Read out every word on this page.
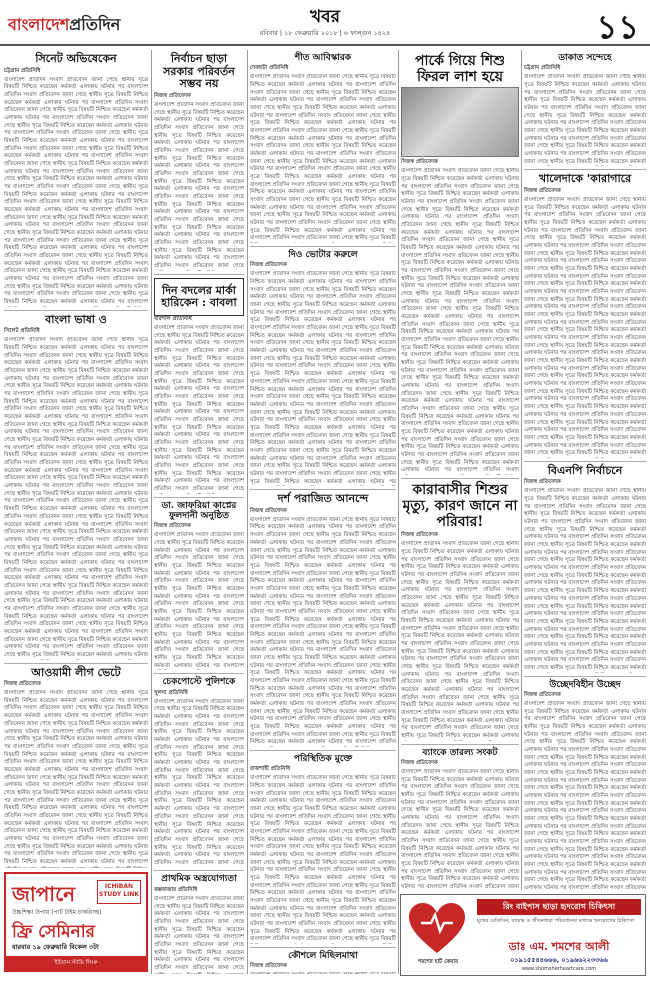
বাংলাদেশপ্রতিদিন	খবর
রবিবার | ১৮ ফেব্রুয়ারি ২০১৮ | ৬ ফাল্গুন ১৪২৪	১১
সিনেট অভিষেকেন
চট্টগ্রাম প্রতিনিধি
বাংলাদেশ প্রতিদিন সংবাদ প্রতিবেদন জানা গেছে স্থানীয় সূত্রে বিষয়টি নিশ্চিত করেছেন কর্মকর্তা এলাকায় ঘটনার পর বাংলাদেশ প্রতিদিন সংবাদ প্রতিবেদন জানা গেছে স্থানীয় সূত্রে বিষয়টি নিশ্চিত করেছেন কর্মকর্তা এলাকায় ঘটনার পর বাংলাদেশ প্রতিদিন সংবাদ প্রতিবেদন জানা গেছে স্থানীয় সূত্রে বিষয়টি নিশ্চিত করেছেন কর্মকর্তা এলাকায় ঘটনার পর বাংলাদেশ প্রতিদিন সংবাদ প্রতিবেদন জানা গেছে স্থানীয় সূত্রে বিষয়টি নিশ্চিত করেছেন কর্মকর্তা এলাকায় ঘটনার পর বাংলাদেশ প্রতিদিন সংবাদ প্রতিবেদন জানা গেছে স্থানীয় সূত্রে বিষয়টি নিশ্চিত করেছেন কর্মকর্তা এলাকায় ঘটনার পর বাংলাদেশ প্রতিদিন সংবাদ প্রতিবেদন জানা গেছে স্থানীয় সূত্রে বিষয়টি নিশ্চিত করেছেন কর্মকর্তা এলাকায় ঘটনার পর বাংলাদেশ প্রতিদিন সংবাদ প্রতিবেদন জানা গেছে স্থানীয় সূত্রে বিষয়টি নিশ্চিত করেছেন কর্মকর্তা এলাকায় ঘটনার পর বাংলাদেশ প্রতিদিন সংবাদ প্রতিবেদন জানা গেছে স্থানীয় সূত্রে বিষয়টি নিশ্চিত করেছেন কর্মকর্তা এলাকায় ঘটনার পর বাংলাদেশ প্রতিদিন সংবাদ প্রতিবেদন জানা গেছে স্থানীয় সূত্রে বিষয়টি নিশ্চিত করেছেন কর্মকর্তা এলাকায় ঘটনার পর বাংলাদেশ প্রতিদিন সংবাদ প্রতিবেদন জানা গেছে স্থানীয় সূত্রে বিষয়টি নিশ্চিত করেছেন কর্মকর্তা এলাকায় ঘটনার পর বাংলাদেশ প্রতিদিন সংবাদ প্রতিবেদন জানা গেছে স্থানীয় সূত্রে বিষয়টি নিশ্চিত করেছেন কর্মকর্তা এলাকায় ঘটনার পর বাংলাদেশ প্রতিদিন সংবাদ প্রতিবেদন জানা গেছে স্থানীয় সূত্রে বিষয়টি নিশ্চিত করেছেন কর্মকর্তা এলাকায় ঘটনার পর বাংলাদেশ প্রতিদিন সংবাদ প্রতিবেদন জানা গেছে স্থানীয় সূত্রে বিষয়টি নিশ্চিত করেছেন কর্মকর্তা এলাকায় ঘটনার পর বাংলাদেশ প্রতিদিন সংবাদ প্রতিবেদন জানা গেছে স্থানীয় সূত্রে বিষয়টি নিশ্চিত করেছেন কর্মকর্তা এলাকায় ঘটনার পর বাংলাদেশ প্রতিদিন সংবাদ প্রতিবেদন জানা গেছে স্থানীয় সূত্রে বিষয়টি নিশ্চিত করেছেন কর্মকর্তা এলাকায় ঘটনার পর বাংলাদেশ প্রতিদিন সংবাদ প্রতিবেদন জানা গেছে স্থানীয় সূত্রে বিষয়টি নিশ্চিত করেছেন কর্মকর্তা এলাকায় ঘটনার পর বাংলাদেশ প্রতিদিন সংবাদ প্রতিবেদন জানা গেছে স্থানীয় সূত্রে বিষয়টি নিশ্চিত করেছেন কর্মকর্তা এলাকায় ঘটনার পর বাংলাদেশ
বাংলা ভাষা ও
সিলেট প্রতিনিধি
বাংলাদেশ প্রতিদিন সংবাদ প্রতিবেদন জানা গেছে স্থানীয় সূত্রে বিষয়টি নিশ্চিত করেছেন কর্মকর্তা এলাকায় ঘটনার পর বাংলাদেশ প্রতিদিন সংবাদ প্রতিবেদন জানা গেছে স্থানীয় সূত্রে বিষয়টি নিশ্চিত করেছেন কর্মকর্তা এলাকায় ঘটনার পর বাংলাদেশ প্রতিদিন সংবাদ প্রতিবেদন জানা গেছে স্থানীয় সূত্রে বিষয়টি নিশ্চিত করেছেন কর্মকর্তা এলাকায় ঘটনার পর বাংলাদেশ প্রতিদিন সংবাদ প্রতিবেদন জানা গেছে স্থানীয় সূত্রে বিষয়টি নিশ্চিত করেছেন কর্মকর্তা এলাকায় ঘটনার পর বাংলাদেশ প্রতিদিন সংবাদ প্রতিবেদন জানা গেছে স্থানীয় সূত্রে বিষয়টি নিশ্চিত করেছেন কর্মকর্তা এলাকায় ঘটনার পর বাংলাদেশ প্রতিদিন সংবাদ প্রতিবেদন জানা গেছে স্থানীয় সূত্রে বিষয়টি নিশ্চিত করেছেন কর্মকর্তা এলাকায় ঘটনার পর বাংলাদেশ প্রতিদিন সংবাদ প্রতিবেদন জানা গেছে স্থানীয় সূত্রে বিষয়টি নিশ্চিত করেছেন কর্মকর্তা এলাকায় ঘটনার পর বাংলাদেশ প্রতিদিন সংবাদ প্রতিবেদন জানা গেছে স্থানীয় সূত্রে বিষয়টি নিশ্চিত করেছেন কর্মকর্তা এলাকায় ঘটনার পর বাংলাদেশ প্রতিদিন সংবাদ প্রতিবেদন জানা গেছে স্থানীয় সূত্রে বিষয়টি নিশ্চিত করেছেন কর্মকর্তা এলাকায় ঘটনার পর বাংলাদেশ প্রতিদিন সংবাদ প্রতিবেদন জানা গেছে স্থানীয় সূত্রে বিষয়টি নিশ্চিত করেছেন কর্মকর্তা এলাকায় ঘটনার পর বাংলাদেশ প্রতিদিন সংবাদ প্রতিবেদন জানা গেছে স্থানীয় সূত্রে বিষয়টি নিশ্চিত করেছেন কর্মকর্তা এলাকায় ঘটনার পর বাংলাদেশ প্রতিদিন সংবাদ প্রতিবেদন জানা গেছে স্থানীয় সূত্রে বিষয়টি নিশ্চিত করেছেন কর্মকর্তা এলাকায় ঘটনার পর বাংলাদেশ প্রতিদিন সংবাদ প্রতিবেদন জানা গেছে স্থানীয় সূত্রে বিষয়টি নিশ্চিত করেছেন কর্মকর্তা এলাকায় ঘটনার পর বাংলাদেশ প্রতিদিন সংবাদ প্রতিবেদন জানা গেছে স্থানীয় সূত্রে বিষয়টি নিশ্চিত করেছেন কর্মকর্তা এলাকায় ঘটনার পর বাংলাদেশ প্রতিদিন সংবাদ প্রতিবেদন জানা গেছে স্থানীয় সূত্রে বিষয়টি নিশ্চিত করেছেন কর্মকর্তা এলাকায় ঘটনার পর বাংলাদেশ প্রতিদিন সংবাদ প্রতিবেদন জানা গেছে স্থানীয় সূত্রে বিষয়টি নিশ্চিত করেছেন কর্মকর্তা এলাকায় ঘটনার পর বাংলাদেশ প্রতিদিন সংবাদ প্রতিবেদন জানা গেছে স্থানীয় সূত্রে বিষয়টি নিশ্চিত করেছেন কর্মকর্তা এলাকায় ঘটনার পর বাংলাদেশ প্রতিদিন সংবাদ প্রতিবেদন জানা গেছে স্থানীয় সূত্রে বিষয়টি নিশ্চিত করেছেন কর্মকর্তা এলাকায় ঘটনার পর বাংলাদেশ প্রতিদিন সংবাদ প্রতিবেদন জানা গেছে স্থানীয় সূত্রে বিষয়টি নিশ্চিত করেছেন কর্মকর্তা এলাকায় ঘটনার পর বাংলাদেশ প্রতিদিন সংবাদ প্রতিবেদন জানা গেছে স্থানীয় সূত্রে বিষয়টি নিশ্চিত করেছেন কর্মকর্তা এলাকায় ঘটনার পর বাংলাদেশ প্রতিদিন সংবাদ প্রতিবেদন জানা গেছে স্থানীয় সূত্রে বিষয়টি নিশ্চিত করেছেন কর্মকর্তা এলাকায় ঘটনার পর বাংলাদেশ প্রতিদিন সংবাদ প্রতিবেদন জানা গেছে স্থানীয় সূত্রে বিষয়টি নিশ্চিত করেছেন কর্মকর্তা এলাকায় ঘটনার পর বাংলাদেশ প্রতিদিন সংবাদ প্রতিবেদন জানা গেছে স্থানীয় সূত্রে বিষয়টি নিশ্চিত করেছেন কর্মকর্তা এলাকায় ঘটনার পর বাংলাদেশ প্রতিদিন সংবাদ প্রতিবেদন জানা গেছে স্থানীয় সূত্রে বিষয়টি নিশ্চিত করেছেন কর্মকর্তা এলাকায় ঘটনার
আওয়ামী লীগ ভেটে
নিজস্ব প্রতিবেদক
বাংলাদেশ প্রতিদিন সংবাদ প্রতিবেদন জানা গেছে স্থানীয় সূত্রে বিষয়টি নিশ্চিত করেছেন কর্মকর্তা এলাকায় ঘটনার পর বাংলাদেশ প্রতিদিন সংবাদ প্রতিবেদন জানা গেছে স্থানীয় সূত্রে বিষয়টি নিশ্চিত করেছেন কর্মকর্তা এলাকায় ঘটনার পর বাংলাদেশ প্রতিদিন সংবাদ প্রতিবেদন জানা গেছে স্থানীয় সূত্রে বিষয়টি নিশ্চিত করেছেন কর্মকর্তা এলাকায় ঘটনার পর বাংলাদেশ প্রতিদিন সংবাদ প্রতিবেদন জানা গেছে স্থানীয় সূত্রে বিষয়টি নিশ্চিত করেছেন কর্মকর্তা এলাকায় ঘটনার পর বাংলাদেশ প্রতিদিন সংবাদ প্রতিবেদন জানা গেছে স্থানীয় সূত্রে বিষয়টি নিশ্চিত করেছেন কর্মকর্তা এলাকায় ঘটনার পর বাংলাদেশ প্রতিদিন সংবাদ প্রতিবেদন জানা গেছে স্থানীয় সূত্রে বিষয়টি নিশ্চিত করেছেন কর্মকর্তা এলাকায় ঘটনার পর বাংলাদেশ প্রতিদিন সংবাদ প্রতিবেদন জানা গেছে স্থানীয় সূত্রে বিষয়টি নিশ্চিত করেছেন কর্মকর্তা এলাকায় ঘটনার পর বাংলাদেশ প্রতিদিন সংবাদ প্রতিবেদন জানা গেছে স্থানীয় সূত্রে বিষয়টি নিশ্চিত করেছেন কর্মকর্তা এলাকায় ঘটনার পর বাংলাদেশ প্রতিদিন সংবাদ প্রতিবেদন জানা গেছে স্থানীয় সূত্রে বিষয়টি নিশ্চিত করেছেন কর্মকর্তা এলাকায় ঘটনার পর বাংলাদেশ প্রতিদিন সংবাদ প্রতিবেদন জানা গেছে স্থানীয় সূত্রে বিষয়টি নিশ্চিত করেছেন কর্মকর্তা এলাকায় ঘটনার পর বাংলাদেশ প্রতিদিন সংবাদ প্রতিবেদন জানা গেছে স্থানীয় সূত্রে বিষয়টি নিশ্চিত করেছেন কর্মকর্তা এলাকায় ঘটনার পর বাংলাদেশ প্রতিদিন সংবাদ প্রতিবেদন জানা গেছে স্থানীয় সূত্রে বিষয়টি নিশ্চিত করেছেন কর্মকর্তা এলাকায় ঘটনার পর বাংলাদেশ প্রতিদিন সংবাদ প্রতিবেদন জানা গেছে স্থানীয় সূত্রে বিষয়টি নিশ্চিত করেছেন কর্মকর্তা এলাকায় ঘটনার পর বাংলাদেশ
নির্বাচন ছাড়া সরকার পরিবর্তন সম্ভব নয়
নিজস্ব প্রতিবেদক
বাংলাদেশ প্রতিদিন সংবাদ প্রতিবেদন জানা গেছে স্থানীয় সূত্রে বিষয়টি নিশ্চিত করেছেন কর্মকর্তা এলাকায় ঘটনার পর বাংলাদেশ প্রতিদিন সংবাদ প্রতিবেদন জানা গেছে স্থানীয় সূত্রে বিষয়টি নিশ্চিত করেছেন কর্মকর্তা এলাকায় ঘটনার পর বাংলাদেশ প্রতিদিন সংবাদ প্রতিবেদন জানা গেছে স্থানীয় সূত্রে বিষয়টি নিশ্চিত করেছেন কর্মকর্তা এলাকায় ঘটনার পর বাংলাদেশ প্রতিদিন সংবাদ প্রতিবেদন জানা গেছে স্থানীয় সূত্রে বিষয়টি নিশ্চিত করেছেন কর্মকর্তা এলাকায় ঘটনার পর বাংলাদেশ প্রতিদিন সংবাদ প্রতিবেদন জানা গেছে স্থানীয় সূত্রে বিষয়টি নিশ্চিত করেছেন কর্মকর্তা এলাকায় ঘটনার পর বাংলাদেশ প্রতিদিন সংবাদ প্রতিবেদন জানা গেছে স্থানীয় সূত্রে বিষয়টি নিশ্চিত করেছেন কর্মকর্তা এলাকায় ঘটনার পর বাংলাদেশ প্রতিদিন সংবাদ প্রতিবেদন জানা গেছে স্থানীয় সূত্রে বিষয়টি নিশ্চিত করেছেন কর্মকর্তা এলাকায় ঘটনার পর বাংলাদেশ প্রতিদিন সংবাদ প্রতিবেদন জানা গেছে
দিন বদলের মার্কা হারিকেন : বাবলা
বরিশাল প্রতিনিধি
বাংলাদেশ প্রতিদিন সংবাদ প্রতিবেদন জানা গেছে স্থানীয় সূত্রে বিষয়টি নিশ্চিত করেছেন কর্মকর্তা এলাকায় ঘটনার পর বাংলাদেশ প্রতিদিন সংবাদ প্রতিবেদন জানা গেছে স্থানীয় সূত্রে বিষয়টি নিশ্চিত করেছেন কর্মকর্তা এলাকায় ঘটনার পর বাংলাদেশ প্রতিদিন সংবাদ প্রতিবেদন জানা গেছে স্থানীয় সূত্রে বিষয়টি নিশ্চিত করেছেন কর্মকর্তা এলাকায় ঘটনার পর বাংলাদেশ প্রতিদিন সংবাদ প্রতিবেদন জানা গেছে স্থানীয় সূত্রে বিষয়টি নিশ্চিত করেছেন কর্মকর্তা এলাকায় ঘটনার পর বাংলাদেশ প্রতিদিন সংবাদ প্রতিবেদন জানা গেছে স্থানীয় সূত্রে বিষয়টি নিশ্চিত করেছেন কর্মকর্তা এলাকায় ঘটনার পর বাংলাদেশ প্রতিদিন সংবাদ প্রতিবেদন জানা গেছে স্থানীয় সূত্রে বিষয়টি নিশ্চিত করেছেন কর্মকর্তা এলাকায় ঘটনার পর বাংলাদেশ প্রতিদিন সংবাদ প্রতিবেদন জানা গেছে স্থানীয় সূত্রে বিষয়টি নিশ্চিত করেছেন কর্মকর্তা এলাকায় ঘটনার পর বাংলাদেশ প্রতিদিন সংবাদ প্রতিবেদন জানা গেছে
ডা. জাফরিয়া কাপ্নের ফুলদানী অনুষ্ঠিত
নিজস্ব প্রতিবেদক
বাংলাদেশ প্রতিদিন সংবাদ প্রতিবেদন জানা গেছে স্থানীয় সূত্রে বিষয়টি নিশ্চিত করেছেন কর্মকর্তা এলাকায় ঘটনার পর বাংলাদেশ প্রতিদিন সংবাদ প্রতিবেদন জানা গেছে স্থানীয় সূত্রে বিষয়টি নিশ্চিত করেছেন কর্মকর্তা এলাকায় ঘটনার পর বাংলাদেশ প্রতিদিন সংবাদ প্রতিবেদন জানা গেছে স্থানীয় সূত্রে বিষয়টি নিশ্চিত করেছেন কর্মকর্তা এলাকায় ঘটনার পর বাংলাদেশ প্রতিদিন সংবাদ প্রতিবেদন জানা গেছে স্থানীয় সূত্রে বিষয়টি নিশ্চিত করেছেন কর্মকর্তা এলাকায় ঘটনার পর বাংলাদেশ প্রতিদিন সংবাদ প্রতিবেদন জানা গেছে স্থানীয় সূত্রে বিষয়টি নিশ্চিত করেছেন কর্মকর্তা এলাকায় ঘটনার পর বাংলাদেশ প্রতিদিন সংবাদ প্রতিবেদন জানা গেছে স্থানীয় সূত্রে বিষয়টি নিশ্চিত করেছেন কর্মকর্তা এলাকায় ঘটনার পর বাংলাদেশ
চেকপোস্টে পুলিশকে
খুলনা প্রতিনিধি
বাংলাদেশ প্রতিদিন সংবাদ প্রতিবেদন জানা গেছে স্থানীয় সূত্রে বিষয়টি নিশ্চিত করেছেন কর্মকর্তা এলাকায় ঘটনার পর বাংলাদেশ প্রতিদিন সংবাদ প্রতিবেদন জানা গেছে স্থানীয় সূত্রে বিষয়টি নিশ্চিত করেছেন কর্মকর্তা এলাকায় ঘটনার পর বাংলাদেশ প্রতিদিন সংবাদ প্রতিবেদন জানা গেছে স্থানীয় সূত্রে বিষয়টি নিশ্চিত করেছেন কর্মকর্তা এলাকায় ঘটনার পর বাংলাদেশ প্রতিদিন সংবাদ প্রতিবেদন জানা গেছে স্থানীয় সূত্রে বিষয়টি নিশ্চিত করেছেন কর্মকর্তা এলাকায় ঘটনার পর বাংলাদেশ প্রতিদিন সংবাদ প্রতিবেদন জানা গেছে স্থানীয় সূত্রে বিষয়টি নিশ্চিত করেছেন কর্মকর্তা এলাকায় ঘটনার পর বাংলাদেশ প্রতিদিন সংবাদ প্রতিবেদন জানা গেছে স্থানীয় সূত্রে বিষয়টি নিশ্চিত করেছেন কর্মকর্তা এলাকায় ঘটনার পর বাংলাদেশ প্রতিদিন সংবাদ প্রতিবেদন জানা গেছে স্থানীয় সূত্রে বিষয়টি নিশ্চিত করেছেন কর্মকর্তা এলাকায় ঘটনার পর বাংলাদেশ প্রতিদিন সংবাদ প্রতিবেদন জানা গেছে
প্রাথমিক অস্ত্রযোগ্যতা
কক্সবাজার প্রতিনিধি
বাংলাদেশ প্রতিদিন সংবাদ প্রতিবেদন জানা গেছে স্থানীয় সূত্রে বিষয়টি নিশ্চিত করেছেন কর্মকর্তা এলাকায় ঘটনার পর বাংলাদেশ প্রতিদিন সংবাদ প্রতিবেদন জানা গেছে স্থানীয় সূত্রে বিষয়টি নিশ্চিত করেছেন কর্মকর্তা এলাকায় ঘটনার পর বাংলাদেশ প্রতিদিন সংবাদ প্রতিবেদন জানা গেছে স্থানীয় সূত্রে বিষয়টি নিশ্চিত করেছেন কর্মকর্তা এলাকায় ঘটনার পর বাংলাদেশ প্রতিদিন সংবাদ প্রতিবেদন জানা গেছে
শীত আবিস্কারক
দেবহাটা প্রতিনিধি
বাংলাদেশ প্রতিদিন সংবাদ প্রতিবেদন জানা গেছে স্থানীয় সূত্রে বিষয়টি নিশ্চিত করেছেন কর্মকর্তা এলাকায় ঘটনার পর বাংলাদেশ প্রতিদিন সংবাদ প্রতিবেদন জানা গেছে স্থানীয় সূত্রে বিষয়টি নিশ্চিত করেছেন কর্মকর্তা এলাকায় ঘটনার পর বাংলাদেশ প্রতিদিন সংবাদ প্রতিবেদন জানা গেছে স্থানীয় সূত্রে বিষয়টি নিশ্চিত করেছেন কর্মকর্তা এলাকায় ঘটনার পর বাংলাদেশ প্রতিদিন সংবাদ প্রতিবেদন জানা গেছে স্থানীয় সূত্রে বিষয়টি নিশ্চিত করেছেন কর্মকর্তা এলাকায় ঘটনার পর বাংলাদেশ প্রতিদিন সংবাদ প্রতিবেদন জানা গেছে স্থানীয় সূত্রে বিষয়টি নিশ্চিত করেছেন কর্মকর্তা এলাকায় ঘটনার পর বাংলাদেশ প্রতিদিন সংবাদ প্রতিবেদন জানা গেছে স্থানীয় সূত্রে বিষয়টি নিশ্চিত করেছেন কর্মকর্তা এলাকায় ঘটনার পর বাংলাদেশ প্রতিদিন সংবাদ প্রতিবেদন জানা গেছে স্থানীয় সূত্রে বিষয়টি নিশ্চিত করেছেন কর্মকর্তা এলাকায় ঘটনার পর বাংলাদেশ প্রতিদিন সংবাদ প্রতিবেদন জানা গেছে স্থানীয় সূত্রে বিষয়টি নিশ্চিত করেছেন কর্মকর্তা এলাকায় ঘটনার পর বাংলাদেশ প্রতিদিন সংবাদ প্রতিবেদন জানা গেছে স্থানীয় সূত্রে বিষয়টি নিশ্চিত করেছেন কর্মকর্তা এলাকায় ঘটনার পর বাংলাদেশ প্রতিদিন সংবাদ প্রতিবেদন জানা গেছে স্থানীয় সূত্রে বিষয়টি নিশ্চিত করেছেন কর্মকর্তা এলাকায় ঘটনার পর বাংলাদেশ প্রতিদিন সংবাদ প্রতিবেদন জানা গেছে স্থানীয় সূত্রে বিষয়টি নিশ্চিত করেছেন কর্মকর্তা এলাকায় ঘটনার পর বাংলাদেশ প্রতিদিন সংবাদ প্রতিবেদন জানা গেছে স্থানীয় সূত্রে বিষয়টি নিশ্চিত করেছেন কর্মকর্তা এলাকায় ঘটনার পর বাংলাদেশ প্রতিদিন সংবাদ প্রতিবেদন জানা গেছে স্থানীয় সূত্রে বিষয়টি
দিও ভোটার করুলে
নিজস্ব প্রতিবেদক
বাংলাদেশ প্রতিদিন সংবাদ প্রতিবেদন জানা গেছে স্থানীয় সূত্রে বিষয়টি নিশ্চিত করেছেন কর্মকর্তা এলাকায় ঘটনার পর বাংলাদেশ প্রতিদিন সংবাদ প্রতিবেদন জানা গেছে স্থানীয় সূত্রে বিষয়টি নিশ্চিত করেছেন কর্মকর্তা এলাকায় ঘটনার পর বাংলাদেশ প্রতিদিন সংবাদ প্রতিবেদন জানা গেছে স্থানীয় সূত্রে বিষয়টি নিশ্চিত করেছেন কর্মকর্তা এলাকায় ঘটনার পর বাংলাদেশ প্রতিদিন সংবাদ প্রতিবেদন জানা গেছে স্থানীয় সূত্রে বিষয়টি নিশ্চিত করেছেন কর্মকর্তা এলাকায় ঘটনার পর বাংলাদেশ প্রতিদিন সংবাদ প্রতিবেদন জানা গেছে স্থানীয় সূত্রে বিষয়টি নিশ্চিত করেছেন কর্মকর্তা এলাকায় ঘটনার পর বাংলাদেশ প্রতিদিন সংবাদ প্রতিবেদন জানা গেছে স্থানীয় সূত্রে বিষয়টি নিশ্চিত করেছেন কর্মকর্তা এলাকায় ঘটনার পর বাংলাদেশ প্রতিদিন সংবাদ প্রতিবেদন জানা গেছে স্থানীয় সূত্রে বিষয়টি নিশ্চিত করেছেন কর্মকর্তা এলাকায় ঘটনার পর বাংলাদেশ প্রতিদিন সংবাদ প্রতিবেদন জানা গেছে স্থানীয় সূত্রে বিষয়টি নিশ্চিত করেছেন কর্মকর্তা এলাকায় ঘটনার পর বাংলাদেশ প্রতিদিন সংবাদ প্রতিবেদন জানা গেছে স্থানীয় সূত্রে বিষয়টি নিশ্চিত করেছেন কর্মকর্তা এলাকায় ঘটনার পর বাংলাদেশ প্রতিদিন সংবাদ প্রতিবেদন জানা গেছে স্থানীয় সূত্রে বিষয়টি নিশ্চিত করেছেন কর্মকর্তা এলাকায় ঘটনার পর বাংলাদেশ প্রতিদিন সংবাদ প্রতিবেদন জানা গেছে স্থানীয় সূত্রে বিষয়টি নিশ্চিত করেছেন কর্মকর্তা এলাকায় ঘটনার পর বাংলাদেশ প্রতিদিন সংবাদ প্রতিবেদন জানা গেছে স্থানীয় সূত্রে বিষয়টি নিশ্চিত করেছেন কর্মকর্তা এলাকায় ঘটনার পর বাংলাদেশ প্রতিদিন সংবাদ প্রতিবেদন জানা গেছে স্থানীয় সূত্রে বিষয়টি নিশ্চিত করেছেন কর্মকর্তা এলাকায় ঘটনার পর বাংলাদেশ প্রতিদিন সংবাদ প্রতিবেদন জানা গেছে স্থানীয় সূত্রে বিষয়টি নিশ্চিত করেছেন কর্মকর্তা এলাকায় ঘটনার পর বাংলাদেশ প্রতিদিন সংবাদ প্রতিবেদন জানা গেছে স্থানীয় সূত্রে বিষয়টি নিশ্চিত করেছেন কর্মকর্তা এলাকায় ঘটনার পর বাংলাদেশ প্রতিদিন সংবাদ প্রতিবেদন জানা গেছে স্থানীয় সূত্রে বিষয়টি নিশ্চিত করেছেন কর্মকর্তা এলাকায় ঘটনার পর
দর্শ পরাজিত আনন্দে
নিজস্ব প্রতিবেদক
বাংলাদেশ প্রতিদিন সংবাদ প্রতিবেদন জানা গেছে স্থানীয় সূত্রে বিষয়টি নিশ্চিত করেছেন কর্মকর্তা এলাকায় ঘটনার পর বাংলাদেশ প্রতিদিন সংবাদ প্রতিবেদন জানা গেছে স্থানীয় সূত্রে বিষয়টি নিশ্চিত করেছেন কর্মকর্তা এলাকায় ঘটনার পর বাংলাদেশ প্রতিদিন সংবাদ প্রতিবেদন জানা গেছে স্থানীয় সূত্রে বিষয়টি নিশ্চিত করেছেন কর্মকর্তা এলাকায় ঘটনার পর বাংলাদেশ প্রতিদিন সংবাদ প্রতিবেদন জানা গেছে স্থানীয় সূত্রে বিষয়টি নিশ্চিত করেছেন কর্মকর্তা এলাকায় ঘটনার পর বাংলাদেশ প্রতিদিন সংবাদ প্রতিবেদন জানা গেছে স্থানীয় সূত্রে বিষয়টি নিশ্চিত করেছেন কর্মকর্তা এলাকায় ঘটনার পর বাংলাদেশ প্রতিদিন সংবাদ প্রতিবেদন জানা গেছে স্থানীয় সূত্রে বিষয়টি নিশ্চিত করেছেন কর্মকর্তা এলাকায় ঘটনার পর বাংলাদেশ প্রতিদিন সংবাদ প্রতিবেদন জানা গেছে স্থানীয় সূত্রে বিষয়টি নিশ্চিত করেছেন কর্মকর্তা এলাকায় ঘটনার পর বাংলাদেশ প্রতিদিন সংবাদ প্রতিবেদন জানা গেছে স্থানীয় সূত্রে বিষয়টি নিশ্চিত করেছেন কর্মকর্তা এলাকায় ঘটনার পর বাংলাদেশ প্রতিদিন সংবাদ প্রতিবেদন জানা গেছে স্থানীয় সূত্রে বিষয়টি নিশ্চিত করেছেন কর্মকর্তা এলাকায় ঘটনার পর বাংলাদেশ প্রতিদিন সংবাদ প্রতিবেদন জানা গেছে স্থানীয় সূত্রে বিষয়টি নিশ্চিত করেছেন কর্মকর্তা এলাকায় ঘটনার পর বাংলাদেশ প্রতিদিন সংবাদ প্রতিবেদন জানা গেছে স্থানীয় সূত্রে বিষয়টি নিশ্চিত করেছেন কর্মকর্তা এলাকায় ঘটনার পর বাংলাদেশ প্রতিদিন সংবাদ প্রতিবেদন জানা গেছে স্থানীয় সূত্রে বিষয়টি নিশ্চিত করেছেন কর্মকর্তা এলাকায় ঘটনার পর বাংলাদেশ প্রতিদিন সংবাদ প্রতিবেদন জানা গেছে স্থানীয় সূত্রে বিষয়টি নিশ্চিত করেছেন কর্মকর্তা এলাকায় ঘটনার পর বাংলাদেশ প্রতিদিন সংবাদ প্রতিবেদন জানা গেছে স্থানীয় সূত্রে বিষয়টি নিশ্চিত করেছেন কর্মকর্তা এলাকায় ঘটনার পর বাংলাদেশ প্রতিদিন সংবাদ প্রতিবেদন জানা গেছে স্থানীয় সূত্রে বিষয়টি নিশ্চিত করেছেন কর্মকর্তা এলাকায় ঘটনার পর বাংলাদেশ প্রতিদিন সংবাদ প্রতিবেদন জানা গেছে স্থানীয় সূত্রে বিষয়টি নিশ্চিত করেছেন কর্মকর্তা এলাকায় ঘটনার পর বাংলাদেশ প্রতিদিন সংবাদ প্রতিবেদন জানা গেছে স্থানীয় সূত্রে বিষয়টি নিশ্চিত করেছেন কর্মকর্তা এলাকায় ঘটনার পর বাংলাদেশ প্রতিদিন
পরিস্থিতিক মুক্তে
রাজশাহী প্রতিনিধি
বাংলাদেশ প্রতিদিন সংবাদ প্রতিবেদন জানা গেছে স্থানীয় সূত্রে বিষয়টি নিশ্চিত করেছেন কর্মকর্তা এলাকায় ঘটনার পর বাংলাদেশ প্রতিদিন সংবাদ প্রতিবেদন জানা গেছে স্থানীয় সূত্রে বিষয়টি নিশ্চিত করেছেন কর্মকর্তা এলাকায় ঘটনার পর বাংলাদেশ প্রতিদিন সংবাদ প্রতিবেদন জানা গেছে স্থানীয় সূত্রে বিষয়টি নিশ্চিত করেছেন কর্মকর্তা এলাকায় ঘটনার পর বাংলাদেশ প্রতিদিন সংবাদ প্রতিবেদন জানা গেছে স্থানীয় সূত্রে বিষয়টি নিশ্চিত করেছেন কর্মকর্তা এলাকায় ঘটনার পর বাংলাদেশ প্রতিদিন সংবাদ প্রতিবেদন জানা গেছে স্থানীয় সূত্রে বিষয়টি নিশ্চিত করেছেন কর্মকর্তা এলাকায় ঘটনার পর বাংলাদেশ প্রতিদিন সংবাদ প্রতিবেদন জানা গেছে স্থানীয় সূত্রে বিষয়টি নিশ্চিত করেছেন কর্মকর্তা এলাকায় ঘটনার পর বাংলাদেশ প্রতিদিন সংবাদ প্রতিবেদন জানা গেছে স্থানীয় সূত্রে বিষয়টি নিশ্চিত করেছেন কর্মকর্তা এলাকায় ঘটনার পর বাংলাদেশ প্রতিদিন সংবাদ প্রতিবেদন জানা গেছে স্থানীয় সূত্রে বিষয়টি নিশ্চিত করেছেন কর্মকর্তা এলাকায় ঘটনার পর বাংলাদেশ প্রতিদিন সংবাদ প্রতিবেদন জানা গেছে স্থানীয় সূত্রে বিষয়টি নিশ্চিত করেছেন কর্মকর্তা এলাকায় ঘটনার পর বাংলাদেশ প্রতিদিন সংবাদ প্রতিবেদন জানা গেছে স্থানীয় সূত্রে বিষয়টি নিশ্চিত করেছেন কর্মকর্তা এলাকায় ঘটনার পর বাংলাদেশ প্রতিদিন সংবাদ প্রতিবেদন জানা গেছে স্থানীয় সূত্রে বিষয়টি নিশ্চিত করেছেন কর্মকর্তা এলাকায় ঘটনার পর বাংলাদেশ প্রতিদিন সংবাদ প্রতিবেদন জানা গেছে স্থানীয় সূত্রে বিষয়টি নিশ্চিত করেছেন কর্মকর্তা এলাকায় ঘটনার পর বাংলাদেশ প্রতিদিন সংবাদ প্রতিবেদন জানা গেছে স্থানীয় সূত্রে বিষয়টি
কৌশলে মিছিলমাথা
নিজস্ব প্রতিবেদক
পার্কে গিয়ে শিশু ফিরল লাশ হয়ে
নিজস্ব প্রতিবেদক
বাংলাদেশ প্রতিদিন সংবাদ প্রতিবেদন জানা গেছে স্থানীয় সূত্রে বিষয়টি নিশ্চিত করেছেন কর্মকর্তা এলাকায় ঘটনার পর বাংলাদেশ প্রতিদিন সংবাদ প্রতিবেদন জানা গেছে স্থানীয় সূত্রে বিষয়টি নিশ্চিত করেছেন কর্মকর্তা এলাকায় ঘটনার পর বাংলাদেশ প্রতিদিন সংবাদ প্রতিবেদন জানা গেছে স্থানীয় সূত্রে বিষয়টি নিশ্চিত করেছেন কর্মকর্তা এলাকায় ঘটনার পর বাংলাদেশ প্রতিদিন সংবাদ প্রতিবেদন জানা গেছে স্থানীয় সূত্রে বিষয়টি নিশ্চিত করেছেন কর্মকর্তা এলাকায় ঘটনার পর বাংলাদেশ প্রতিদিন সংবাদ প্রতিবেদন জানা গেছে স্থানীয় সূত্রে বিষয়টি নিশ্চিত করেছেন কর্মকর্তা এলাকায় ঘটনার পর বাংলাদেশ প্রতিদিন সংবাদ প্রতিবেদন জানা গেছে স্থানীয় সূত্রে বিষয়টি নিশ্চিত করেছেন কর্মকর্তা এলাকায় ঘটনার পর বাংলাদেশ প্রতিদিন সংবাদ প্রতিবেদন জানা গেছে স্থানীয় সূত্রে বিষয়টি নিশ্চিত করেছেন কর্মকর্তা এলাকায় ঘটনার পর বাংলাদেশ প্রতিদিন সংবাদ প্রতিবেদন জানা গেছে স্থানীয় সূত্রে বিষয়টি নিশ্চিত করেছেন কর্মকর্তা এলাকায় ঘটনার পর বাংলাদেশ প্রতিদিন সংবাদ প্রতিবেদন জানা গেছে স্থানীয় সূত্রে বিষয়টি নিশ্চিত করেছেন কর্মকর্তা এলাকায় ঘটনার পর বাংলাদেশ প্রতিদিন সংবাদ প্রতিবেদন জানা গেছে স্থানীয় সূত্রে বিষয়টি নিশ্চিত করেছেন কর্মকর্তা এলাকায় ঘটনার পর বাংলাদেশ প্রতিদিন সংবাদ প্রতিবেদন জানা গেছে স্থানীয় সূত্রে বিষয়টি নিশ্চিত করেছেন কর্মকর্তা এলাকায় ঘটনার পর বাংলাদেশ প্রতিদিন সংবাদ প্রতিবেদন জানা গেছে স্থানীয় সূত্রে বিষয়টি নিশ্চিত করেছেন কর্মকর্তা এলাকায় ঘটনার পর বাংলাদেশ প্রতিদিন সংবাদ প্রতিবেদন জানা গেছে স্থানীয় সূত্রে বিষয়টি নিশ্চিত করেছেন কর্মকর্তা এলাকায় ঘটনার পর বাংলাদেশ প্রতিদিন সংবাদ প্রতিবেদন জানা গেছে স্থানীয় সূত্রে বিষয়টি নিশ্চিত করেছেন কর্মকর্তা এলাকায় ঘটনার পর বাংলাদেশ প্রতিদিন সংবাদ প্রতিবেদন জানা গেছে স্থানীয় সূত্রে বিষয়টি নিশ্চিত করেছেন কর্মকর্তা এলাকায় ঘটনার পর বাংলাদেশ প্রতিদিন সংবাদ প্রতিবেদন জানা গেছে স্থানীয় সূত্রে বিষয়টি নিশ্চিত করেছেন কর্মকর্তা এলাকায় ঘটনার পর বাংলাদেশ প্রতিদিন সংবাদ প্রতিবেদন জানা গেছে স্থানীয় সূত্রে বিষয়টি নিশ্চিত করেছেন কর্মকর্তা এলাকায় ঘটনার পর বাংলাদেশ প্রতিদিন সংবাদ প্রতিবেদন জানা গেছে স্থানীয় সূত্রে বিষয়টি নিশ্চিত করেছেন কর্মকর্তা এলাকায় ঘটনার পর বাংলাদেশ প্রতিদিন সংবাদ
কারাবাসীর শিশুর মৃত্যু, কারণ জানে না পরিবার!
নিজস্ব প্রতিবেদক
বাংলাদেশ প্রতিদিন সংবাদ প্রতিবেদন জানা গেছে স্থানীয় সূত্রে বিষয়টি নিশ্চিত করেছেন কর্মকর্তা এলাকায় ঘটনার পর বাংলাদেশ প্রতিদিন সংবাদ প্রতিবেদন জানা গেছে স্থানীয় সূত্রে বিষয়টি নিশ্চিত করেছেন কর্মকর্তা এলাকায় ঘটনার পর বাংলাদেশ প্রতিদিন সংবাদ প্রতিবেদন জানা গেছে স্থানীয় সূত্রে বিষয়টি নিশ্চিত করেছেন কর্মকর্তা এলাকায় ঘটনার পর বাংলাদেশ প্রতিদিন সংবাদ প্রতিবেদন জানা গেছে স্থানীয় সূত্রে বিষয়টি নিশ্চিত করেছেন কর্মকর্তা এলাকায় ঘটনার পর বাংলাদেশ প্রতিদিন সংবাদ প্রতিবেদন জানা গেছে স্থানীয় সূত্রে বিষয়টি নিশ্চিত করেছেন কর্মকর্তা এলাকায় ঘটনার পর বাংলাদেশ প্রতিদিন সংবাদ প্রতিবেদন জানা গেছে স্থানীয় সূত্রে বিষয়টি নিশ্চিত করেছেন কর্মকর্তা এলাকায় ঘটনার পর বাংলাদেশ প্রতিদিন সংবাদ প্রতিবেদন জানা গেছে স্থানীয় সূত্রে বিষয়টি নিশ্চিত করেছেন কর্মকর্তা এলাকায় ঘটনার পর বাংলাদেশ প্রতিদিন সংবাদ প্রতিবেদন জানা গেছে স্থানীয় সূত্রে বিষয়টি নিশ্চিত করেছেন কর্মকর্তা এলাকায় ঘটনার পর বাংলাদেশ প্রতিদিন সংবাদ প্রতিবেদন জানা গেছে স্থানীয় সূত্রে বিষয়টি নিশ্চিত করেছেন কর্মকর্তা এলাকায় ঘটনার পর বাংলাদেশ প্রতিদিন সংবাদ প্রতিবেদন জানা গেছে স্থানীয় সূত্রে বিষয়টি নিশ্চিত করেছেন কর্মকর্তা এলাকায় ঘটনার পর বাংলাদেশ প্রতিদিন সংবাদ প্রতিবেদন জানা গেছে স্থানীয় সূত্রে বিষয়টি নিশ্চিত করেছেন কর্মকর্তা এলাকায় ঘটনার পর বাংলাদেশ প্রতিদিন সংবাদ প্রতিবেদন জানা গেছে স্থানীয় সূত্রে বিষয়টি নিশ্চিত করেছেন কর্মকর্তা এলাকায়
ব্যাংকে তারল্য সংকট
নিজস্ব প্রতিবেদক
বাংলাদেশ প্রতিদিন সংবাদ প্রতিবেদন জানা গেছে স্থানীয় সূত্রে বিষয়টি নিশ্চিত করেছেন কর্মকর্তা এলাকায় ঘটনার পর বাংলাদেশ প্রতিদিন সংবাদ প্রতিবেদন জানা গেছে স্থানীয় সূত্রে বিষয়টি নিশ্চিত করেছেন কর্মকর্তা এলাকায় ঘটনার পর বাংলাদেশ প্রতিদিন সংবাদ প্রতিবেদন জানা গেছে স্থানীয় সূত্রে বিষয়টি নিশ্চিত করেছেন কর্মকর্তা এলাকায় ঘটনার পর বাংলাদেশ প্রতিদিন সংবাদ প্রতিবেদন জানা গেছে স্থানীয় সূত্রে বিষয়টি নিশ্চিত করেছেন কর্মকর্তা এলাকায় ঘটনার পর বাংলাদেশ প্রতিদিন সংবাদ প্রতিবেদন জানা গেছে স্থানীয় সূত্রে বিষয়টি নিশ্চিত করেছেন কর্মকর্তা এলাকায় ঘটনার পর বাংলাদেশ প্রতিদিন সংবাদ প্রতিবেদন জানা গেছে স্থানীয় সূত্রে বিষয়টি নিশ্চিত করেছেন কর্মকর্তা এলাকায় ঘটনার পর বাংলাদেশ প্রতিদিন সংবাদ প্রতিবেদন জানা গেছে স্থানীয় সূত্রে বিষয়টি নিশ্চিত করেছেন কর্মকর্তা এলাকায় ঘটনার পর বাংলাদেশ প্রতিদিন সংবাদ প্রতিবেদন জানা
ডাকাত সন্দেহে
চট্টগ্রাম প্রতিনিধি
বাংলাদেশ প্রতিদিন সংবাদ প্রতিবেদন জানা গেছে স্থানীয় সূত্রে বিষয়টি নিশ্চিত করেছেন কর্মকর্তা এলাকায় ঘটনার পর বাংলাদেশ প্রতিদিন সংবাদ প্রতিবেদন জানা গেছে স্থানীয় সূত্রে বিষয়টি নিশ্চিত করেছেন কর্মকর্তা এলাকায় ঘটনার পর বাংলাদেশ প্রতিদিন সংবাদ প্রতিবেদন জানা গেছে স্থানীয় সূত্রে বিষয়টি নিশ্চিত করেছেন কর্মকর্তা এলাকায় ঘটনার পর বাংলাদেশ প্রতিদিন সংবাদ প্রতিবেদন জানা গেছে স্থানীয় সূত্রে বিষয়টি নিশ্চিত করেছেন কর্মকর্তা এলাকায় ঘটনার পর বাংলাদেশ প্রতিদিন সংবাদ প্রতিবেদন জানা গেছে স্থানীয় সূত্রে বিষয়টি নিশ্চিত করেছেন কর্মকর্তা এলাকায় ঘটনার পর বাংলাদেশ প্রতিদিন সংবাদ প্রতিবেদন জানা গেছে স্থানীয় সূত্রে বিষয়টি নিশ্চিত করেছেন কর্মকর্তা
খালেদাকে 'কারাগারে
নিজস্ব প্রতিবেদক
বাংলাদেশ প্রতিদিন সংবাদ প্রতিবেদন জানা গেছে স্থানীয় সূত্রে বিষয়টি নিশ্চিত করেছেন কর্মকর্তা এলাকায় ঘটনার পর বাংলাদেশ প্রতিদিন সংবাদ প্রতিবেদন জানা গেছে স্থানীয় সূত্রে বিষয়টি নিশ্চিত করেছেন কর্মকর্তা এলাকায় ঘটনার পর বাংলাদেশ প্রতিদিন সংবাদ প্রতিবেদন জানা গেছে স্থানীয় সূত্রে বিষয়টি নিশ্চিত করেছেন কর্মকর্তা এলাকায় ঘটনার পর বাংলাদেশ প্রতিদিন সংবাদ প্রতিবেদন জানা গেছে স্থানীয় সূত্রে বিষয়টি নিশ্চিত করেছেন কর্মকর্তা এলাকায় ঘটনার পর বাংলাদেশ প্রতিদিন সংবাদ প্রতিবেদন জানা গেছে স্থানীয় সূত্রে বিষয়টি নিশ্চিত করেছেন কর্মকর্তা এলাকায় ঘটনার পর বাংলাদেশ প্রতিদিন সংবাদ প্রতিবেদন জানা গেছে স্থানীয় সূত্রে বিষয়টি নিশ্চিত করেছেন কর্মকর্তা এলাকায় ঘটনার পর বাংলাদেশ প্রতিদিন সংবাদ প্রতিবেদন জানা গেছে স্থানীয় সূত্রে বিষয়টি নিশ্চিত করেছেন কর্মকর্তা এলাকায় ঘটনার পর বাংলাদেশ প্রতিদিন সংবাদ প্রতিবেদন জানা গেছে স্থানীয় সূত্রে বিষয়টি নিশ্চিত করেছেন কর্মকর্তা এলাকায় ঘটনার পর বাংলাদেশ প্রতিদিন সংবাদ প্রতিবেদন জানা গেছে স্থানীয় সূত্রে বিষয়টি নিশ্চিত করেছেন কর্মকর্তা এলাকায় ঘটনার পর বাংলাদেশ প্রতিদিন সংবাদ প্রতিবেদন জানা গেছে স্থানীয় সূত্রে বিষয়টি নিশ্চিত করেছেন কর্মকর্তা এলাকায় ঘটনার পর বাংলাদেশ প্রতিদিন সংবাদ প্রতিবেদন জানা গেছে স্থানীয় সূত্রে বিষয়টি নিশ্চিত করেছেন কর্মকর্তা এলাকায় ঘটনার পর বাংলাদেশ প্রতিদিন সংবাদ প্রতিবেদন জানা গেছে স্থানীয় সূত্রে বিষয়টি নিশ্চিত করেছেন কর্মকর্তা এলাকায় ঘটনার পর বাংলাদেশ প্রতিদিন সংবাদ প্রতিবেদন জানা গেছে স্থানীয় সূত্রে বিষয়টি নিশ্চিত করেছেন কর্মকর্তা এলাকায় ঘটনার পর বাংলাদেশ প্রতিদিন সংবাদ প্রতিবেদন জানা গেছে স্থানীয় সূত্রে বিষয়টি নিশ্চিত করেছেন কর্মকর্তা এলাকায় ঘটনার পর বাংলাদেশ প্রতিদিন সংবাদ প্রতিবেদন জানা গেছে স্থানীয় সূত্রে বিষয়টি নিশ্চিত করেছেন কর্মকর্তা এলাকায় ঘটনার পর বাংলাদেশ প্রতিদিন সংবাদ প্রতিবেদন জানা গেছে স্থানীয় সূত্রে বিষয়টি নিশ্চিত করেছেন কর্মকর্তা এলাকায় ঘটনার পর বাংলাদেশ প্রতিদিন সংবাদ প্রতিবেদন জানা গেছে স্থানীয় সূত্রে বিষয়টি নিশ্চিত করেছেন কর্মকর্তা
বিএনপি নির্বাচনে
নিজস্ব প্রতিবেদক
বাংলাদেশ প্রতিদিন সংবাদ প্রতিবেদন জানা গেছে স্থানীয় সূত্রে বিষয়টি নিশ্চিত করেছেন কর্মকর্তা এলাকায় ঘটনার পর বাংলাদেশ প্রতিদিন সংবাদ প্রতিবেদন জানা গেছে স্থানীয় সূত্রে বিষয়টি নিশ্চিত করেছেন কর্মকর্তা এলাকায় ঘটনার পর বাংলাদেশ প্রতিদিন সংবাদ প্রতিবেদন জানা গেছে স্থানীয় সূত্রে বিষয়টি নিশ্চিত করেছেন কর্মকর্তা এলাকায় ঘটনার পর বাংলাদেশ প্রতিদিন সংবাদ প্রতিবেদন জানা গেছে স্থানীয় সূত্রে বিষয়টি নিশ্চিত করেছেন কর্মকর্তা এলাকায় ঘটনার পর বাংলাদেশ প্রতিদিন সংবাদ প্রতিবেদন জানা গেছে স্থানীয় সূত্রে বিষয়টি নিশ্চিত করেছেন কর্মকর্তা এলাকায় ঘটনার পর বাংলাদেশ প্রতিদিন সংবাদ প্রতিবেদন জানা গেছে স্থানীয় সূত্রে বিষয়টি নিশ্চিত করেছেন কর্মকর্তা এলাকায় ঘটনার পর বাংলাদেশ প্রতিদিন সংবাদ প্রতিবেদন জানা গেছে স্থানীয় সূত্রে বিষয়টি নিশ্চিত করেছেন কর্মকর্তা এলাকায় ঘটনার পর বাংলাদেশ প্রতিদিন সংবাদ প্রতিবেদন জানা গেছে স্থানীয় সূত্রে বিষয়টি নিশ্চিত করেছেন কর্মকর্তা এলাকায় ঘটনার পর বাংলাদেশ প্রতিদিন সংবাদ প্রতিবেদন জানা গেছে স্থানীয় সূত্রে বিষয়টি নিশ্চিত করেছেন কর্মকর্তা এলাকায় ঘটনার পর বাংলাদেশ প্রতিদিন সংবাদ প্রতিবেদন জানা গেছে স্থানীয় সূত্রে বিষয়টি নিশ্চিত করেছেন কর্মকর্তা এলাকায় ঘটনার পর বাংলাদেশ প্রতিদিন সংবাদ প্রতিবেদন জানা গেছে স্থানীয় সূত্রে বিষয়টি নিশ্চিত করেছেন কর্মকর্তা এলাকায় ঘটনার পর বাংলাদেশ প্রতিদিন সংবাদ প্রতিবেদন জানা গেছে স্থানীয় সূত্রে বিষয়টি নিশ্চিত করেছেন কর্মকর্তা
উচ্ছেদবিহীন উচ্ছেদ
নিজস্ব প্রতিবেদক
বাংলাদেশ প্রতিদিন সংবাদ প্রতিবেদন জানা গেছে স্থানীয় সূত্রে বিষয়টি নিশ্চিত করেছেন কর্মকর্তা এলাকায় ঘটনার পর বাংলাদেশ প্রতিদিন সংবাদ প্রতিবেদন জানা গেছে স্থানীয় সূত্রে বিষয়টি নিশ্চিত করেছেন কর্মকর্তা এলাকায় ঘটনার পর বাংলাদেশ প্রতিদিন সংবাদ প্রতিবেদন জানা গেছে স্থানীয় সূত্রে বিষয়টি নিশ্চিত করেছেন কর্মকর্তা এলাকায় ঘটনার পর বাংলাদেশ প্রতিদিন সংবাদ প্রতিবেদন জানা গেছে স্থানীয় সূত্রে বিষয়টি নিশ্চিত করেছেন কর্মকর্তা এলাকায় ঘটনার পর বাংলাদেশ প্রতিদিন সংবাদ প্রতিবেদন জানা গেছে স্থানীয় সূত্রে বিষয়টি নিশ্চিত করেছেন কর্মকর্তা এলাকায় ঘটনার পর বাংলাদেশ প্রতিদিন সংবাদ প্রতিবেদন জানা গেছে স্থানীয় সূত্রে বিষয়টি নিশ্চিত করেছেন কর্মকর্তা এলাকায় ঘটনার পর বাংলাদেশ প্রতিদিন সংবাদ প্রতিবেদন জানা গেছে স্থানীয় সূত্রে বিষয়টি নিশ্চিত করেছেন কর্মকর্তা এলাকায় ঘটনার পর বাংলাদেশ প্রতিদিন সংবাদ প্রতিবেদন জানা গেছে স্থানীয় সূত্রে বিষয়টি নিশ্চিত করেছেন কর্মকর্তা এলাকায় ঘটনার পর বাংলাদেশ প্রতিদিন সংবাদ প্রতিবেদন জানা গেছে স্থানীয় সূত্রে বিষয়টি নিশ্চিত করেছেন কর্মকর্তা এলাকায় ঘটনার পর বাংলাদেশ প্রতিদিন সংবাদ প্রতিবেদন জানা গেছে স্থানীয় সূত্রে বিষয়টি নিশ্চিত করেছেন কর্মকর্তা এলাকায় ঘটনার পর বাংলাদেশ প্রতিদিন সংবাদ প্রতিবেদন জানা গেছে স্থানীয় সূত্রে বিষয়টি নিশ্চিত করেছেন কর্মকর্তা এলাকায় ঘটনার পর বাংলাদেশ প্রতিদিন সংবাদ প্রতিবেদন জানা গেছে স্থানীয় সূত্রে বিষয়টি নিশ্চিত করেছেন কর্মকর্তা এলাকায় ঘটনার পর বাংলাদেশ প্রতিদিন সংবাদ প্রতিবেদন
জাপানে	ICHIBAN STUDY LINK
উচ্চশিক্ষা উপায় (পার্ট টাইম চাকরিসহ)
ফ্রি সেমিনার
বারবার ১৯ ফেব্রুয়ারি বিকেল ৩টা
ইচিবান স্টাডি লিংক	শমশের হার্ট কেয়ার
রিং বাইপাস ছাড়া হৃদরোগ চিকিৎসা
মুখের মেডিসিন, ব্যায়াম ও জীবনধারা পরিবর্তনের মাধ্যমে হৃদরোগের চিকিৎসা
ডাঃ এম. শমশের আলী
০১৯১৫৫৪৪৬৬৬, ০১৯৬৬২২৩৩৬৬
www.shomsherheartcare.com
